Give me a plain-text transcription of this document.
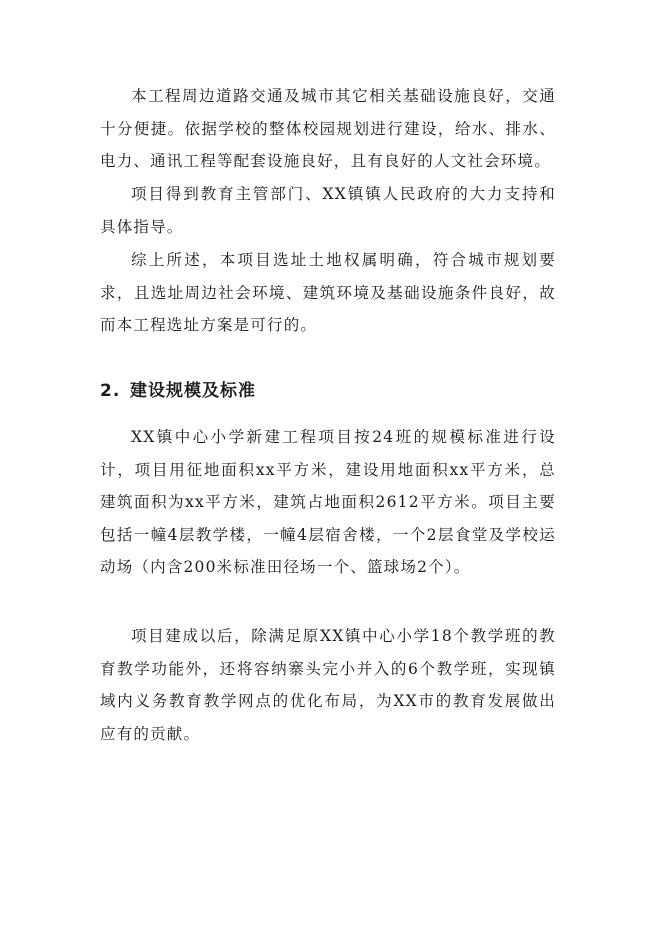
本工程周边道路交通及城市其它相关基础设施良好，交通十分便捷。依据学校的整体校园规划进行建设，给水、排水、电力、通讯工程等配套设施良好，且有良好的人文社会环境。

项目得到教育主管部门、XX镇镇人民政府的大力支持和具体指导。

综上所述，本项目选址土地权属明确，符合城市规划要求，且选址周边社会环境、建筑环境及基础设施条件良好，故而本工程选址方案是可行的。

2. 建设规模及标准

XX镇中心小学新建工程项目按24班的规模标准进行设计，项目用征地面积xx平方米，建设用地面积xx平方米，总建筑面积为xx平方米，建筑占地面积2612平方米。项目主要包括一幢4层教学楼，一幢4层宿舍楼，一个2层食堂及学校运动场（内含200米标准田径场一个、篮球场2个）。

项目建成以后，除满足原XX镇中心小学18个教学班的教育教学功能外，还将容纳寨头完小并入的6个教学班，实现镇域内义务教育教学网点的优化布局，为XX市的教育发展做出应有的贡献。
